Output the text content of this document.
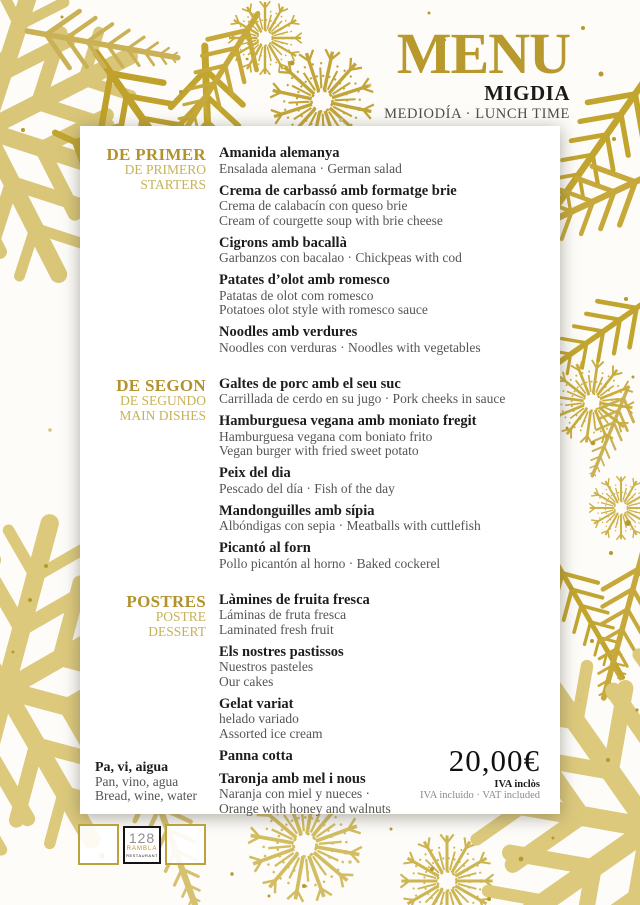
MENU
MIGDIA
MEDIODÍA · LUNCH TIME
DE PRIMER
DE PRIMERO
STARTERS
Amanida alemanya
Ensalada alemana · German salad
Crema de carbassó amb formatge brie
Crema de calabacín con queso brie
Cream of courgette soup with brie cheese
Cigrons amb bacallà
Garbanzos con bacalao · Chickpeas with cod
Patates d’olot amb romesco
Patatas de olot com romesco
Potatoes olot style with romesco sauce
Noodles amb verdures
Noodles con verduras · Noodles with vegetables
DE SEGON
DE SEGUNDO
MAIN DISHES
Galtes de porc amb el seu suc
Carrillada de cerdo en su jugo · Pork cheeks in sauce
Hamburguesa vegana amb moniato fregit
Hamburguesa vegana com boniato frito
Vegan burger with fried sweet potato
Peix del dia
Pescado del día · Fish of the day
Mandonguilles amb sípia
Albóndigas con sepia · Meatballs with cuttlefish
Picantó al forn
Pollo picantón al horno · Baked cockerel
POSTRES
POSTRE
DESSERT
Làmines de fruita fresca
Láminas de fruta fresca
Laminated fresh fruit
Els nostres pastissos
Nuestros pasteles
Our cakes
Gelat variat
helado variado
Assorted ice cream
Panna cotta
Taronja amb mel i nous
Naranja con miel y nueces ·
Orange with honey and walnuts
Pa, vi, aigua
Pan, vino, agua
Bread, wine, water
20,00€
IVA inclòs
IVA incluido · VAT included
128
RAMBLA
RESTAURANT
